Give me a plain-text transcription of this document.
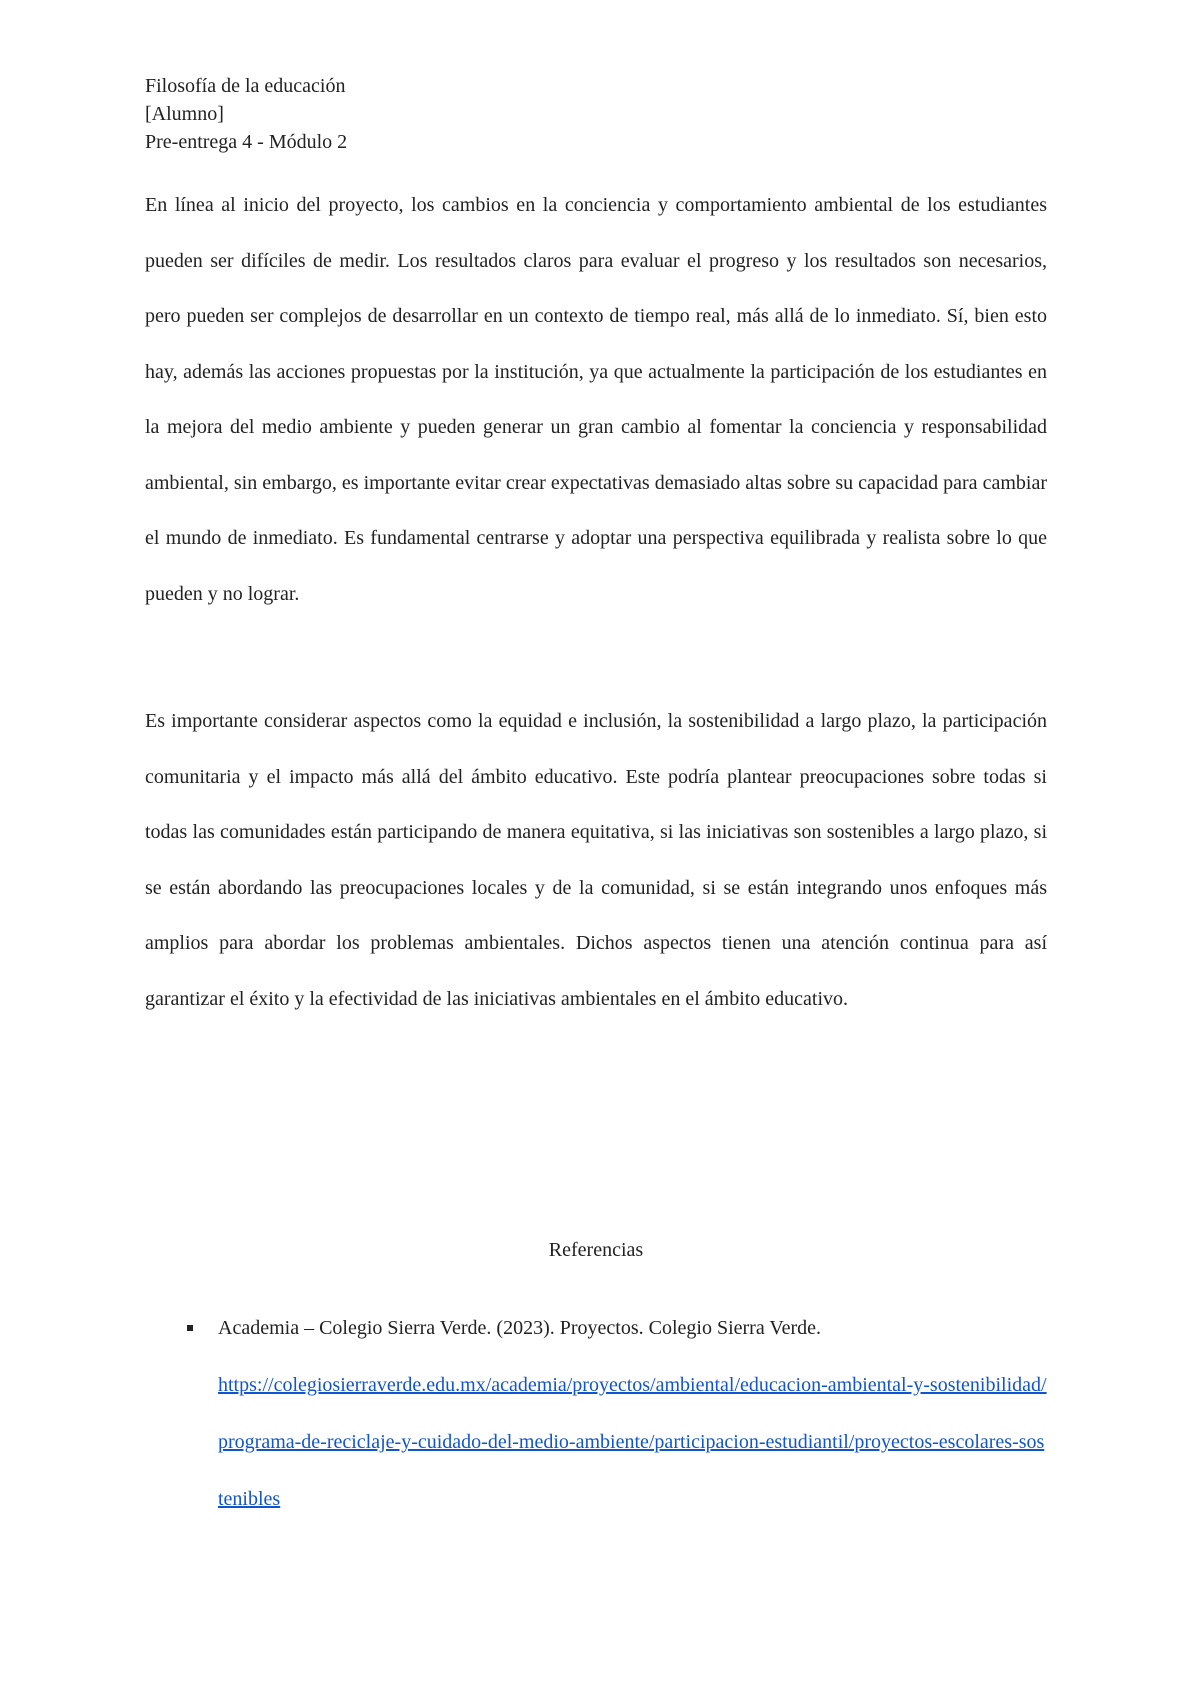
Filosofía de la educación
[Alumno]
Pre-entrega 4 - Módulo 2

En línea al inicio del proyecto, los cambios en la conciencia y comportamiento ambiental de los estudiantes pueden ser difíciles de medir. Los resultados claros para evaluar el progreso y los resultados son necesarios, pero pueden ser complejos de desarrollar en un contexto de tiempo real, más allá de lo inmediato. Sí, bien esto hay, además las acciones propuestas por la institución, ya que actualmente la participación de los estudiantes en la mejora del medio ambiente y pueden generar un gran cambio al fomentar la conciencia y responsabilidad ambiental, sin embargo, es importante evitar crear expectativas demasiado altas sobre su capacidad para cambiar el mundo de inmediato. Es fundamental centrarse y adoptar una perspectiva equilibrada y realista sobre lo que pueden y no lograr.

Es importante considerar aspectos como la equidad e inclusión, la sostenibilidad a largo plazo, la participación comunitaria y el impacto más allá del ámbito educativo. Este podría plantear preocupaciones sobre todas si todas las comunidades están participando de manera equitativa, si las iniciativas son sostenibles a largo plazo, si se están abordando las preocupaciones locales y de la comunidad, si se están integrando unos enfoques más amplios para abordar los problemas ambientales. Dichos aspectos tienen una atención continua para así garantizar el éxito y la efectividad de las iniciativas ambientales en el ámbito educativo.

Referencias
Academia – Colegio Sierra Verde. (2023). Proyectos. Colegio Sierra Verde.
https://colegiosierraverde.edu.mx/academia/proyectos/ambiental/educacion-ambiental-y-sostenibilidad/programa-de-reciclaje-y-cuidado-del-medio-ambiente/participacion-estudiantil/proyectos-escolares-sostenibles
